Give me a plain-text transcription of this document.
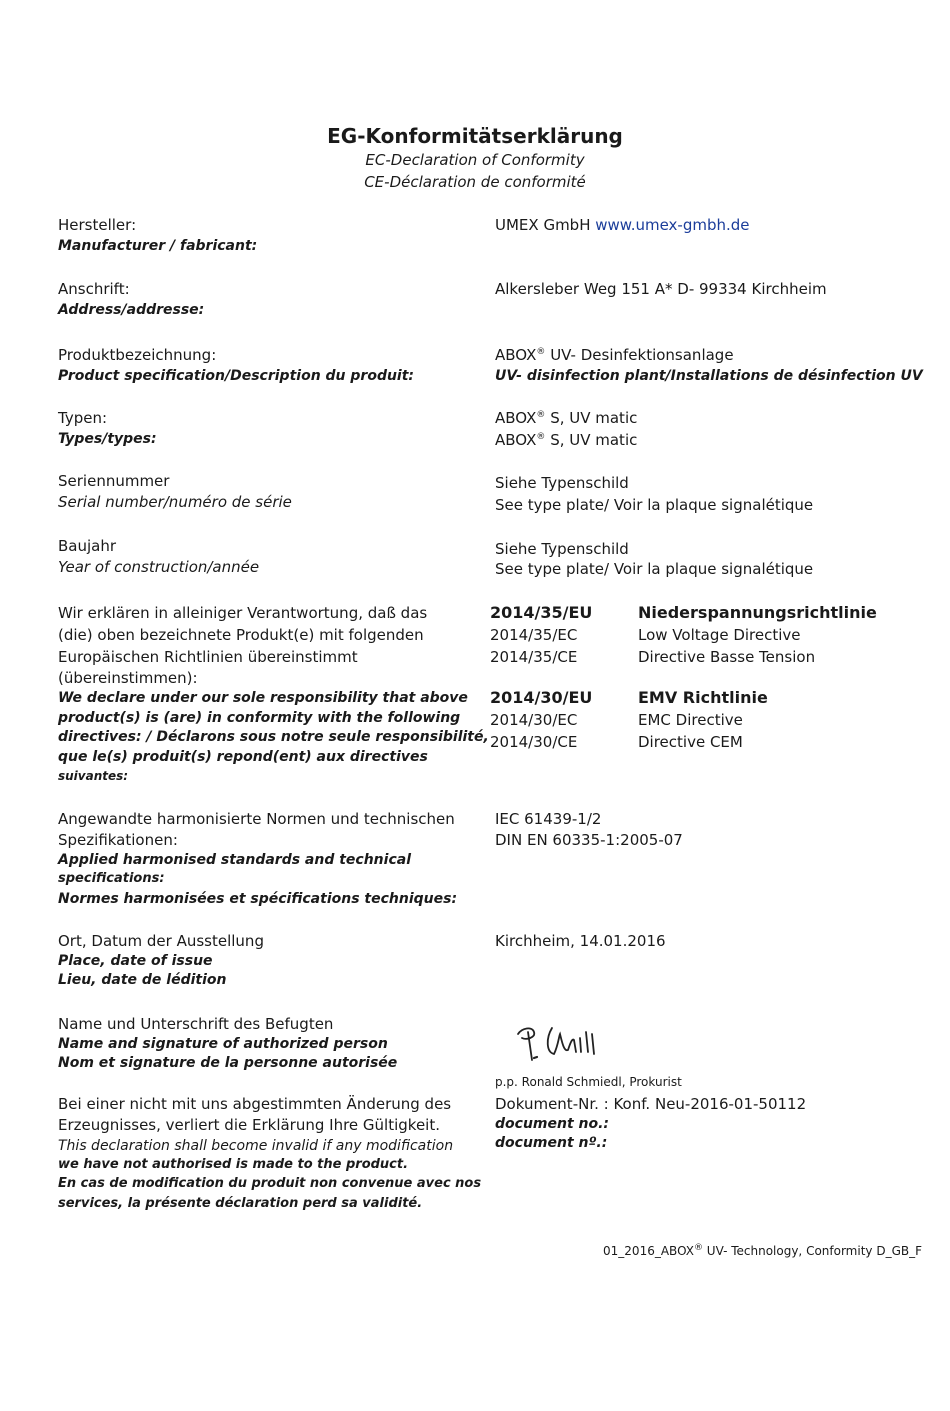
EG-Konformitätserklärung
EC-Declaration of Conformity
CE-Déclaration de conformité
Hersteller:
Manufacturer / fabricant:
UMEX GmbH www.umex-gmbh.de
Anschrift:
Address/addresse:
Alkersleber Weg 151 A* D- 99334 Kirchheim
Produktbezeichnung:
Product specification/Description du produit:
ABOX® UV- Desinfektionsanlage
UV- disinfection plant/Installations de désinfection UV
Typen:
Types/types:
ABOX® S, UV matic
ABOX® S, UV matic
Seriennummer
Serial number/numéro de série
Siehe Typenschild
See type plate/ Voir la plaque signalétique
Baujahr
Year of construction/année
Siehe Typenschild
See type plate/ Voir la plaque signalétique
Wir erklären in alleiniger Verantwortung, daß das
(die) oben bezeichnete Produkt(e) mit folgenden
Europäischen Richtlinien übereinstimmt
(übereinstimmen):
We declare under our sole responsibility that above
product(s) is (are) in conformity with the following
directives: / Déclarons sous notre seule responsibilité,
que le(s) produit(s) repond(ent) aux directives
suivantes:
2014/35/EU
2014/35/EC
2014/35/CE
Niederspannungsrichtlinie
Low Voltage Directive
Directive Basse Tension
2014/30/EU
2014/30/EC
2014/30/CE
EMV Richtlinie
EMC Directive
Directive CEM
Angewandte harmonisierte Normen und technischen
Spezifikationen:
Applied harmonised standards and technical
specifications:
Normes harmonisées et spécifications techniques:
IEC 61439-1/2
DIN EN 60335-1:2005-07
Ort, Datum der Ausstellung
Place, date of issue
Lieu, date de lédition
Kirchheim, 14.01.2016
Name und Unterschrift des Befugten
Name and signature of authorized person
Nom et signature de la personne autorisée
p.p. Ronald Schmiedl, Prokurist
Bei einer nicht mit uns abgestimmten Änderung des
Erzeugnisses, verliert die Erklärung Ihre Gültigkeit.
This declaration shall become invalid if any modification
we have not authorised is made to the product.
En cas de modification du produit non convenue avec nos
services, la présente déclaration perd sa validité.
Dokument-Nr. : Konf. Neu-2016-01-50112
document no.:
document nº.:
01_2016_ABOX® UV- Technology, Conformity D_GB_F
